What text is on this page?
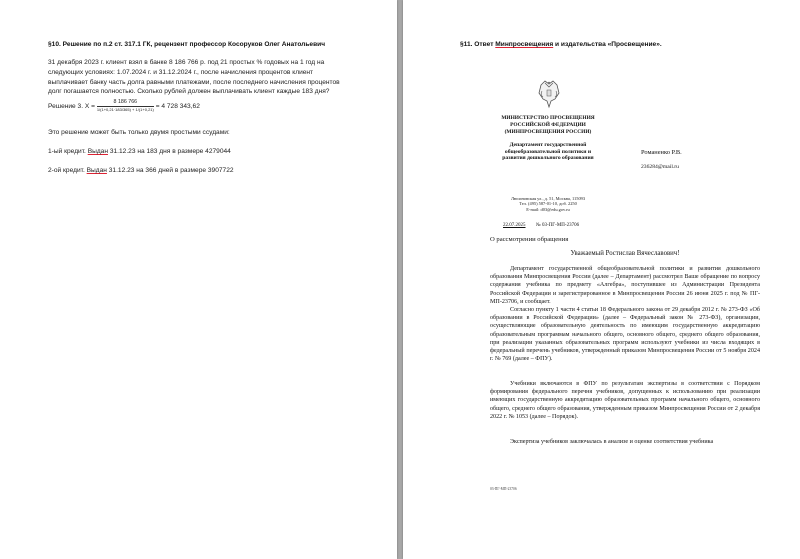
§10. Решение по п.2 ст. 317.1 ГК, рецензент профессор Косоруков Олег Анатольевич
31 декабря 2023 г. клиент взял в банке 8 186 766 р. под 21 простых % годовых на 1 год на
следующих условиях: 1.07.2024 г. и 31.12.2024 г., после начисления процентов клиент
выплачивает банку часть долга равными платежами, после последнего начисления процентов
долг погашается полностью. Сколько рублей должен выплачивать клиент каждые 183 дня?
Решение 3. $X = \frac{8 186 766}{1/(1+0,21\cdot 183/365) + 1/(1+0,21)} = 4$ 728 343,62
Это решение может быть только двумя простыми ссудами:
1-ый кредит. Выдан 31.12.23 на 183 дня в размере 4279044
2-ой кредит. Выдан 31.12.23 на 366 дней в размере 3907722
§11. Ответ Минпросвещения и издательства «Просвещение».
МИНИСТЕРСТВО ПРОСВЕЩЕНИЯ
РОССИЙСКОЙ ФЕДЕРАЦИИ
(МИНПРОСВЕЩЕНИЯ РОССИИ)
Департамент государственной
общеобразовательной политики и
развития дошкольного образования
Люсиновская ул., д. 51, Москва, 115093
Тел. (495) 587-01-10, доб. 2250
E-mail: d03@edu.gov.ru
22.07.2025 № 03-ПГ-МП-23706
Романенко Р.В.
236284@mail.ru
О рассмотрении обращения
Уважаемый Ростислав Вячеславович!
Департамент государственной общеобразовательной политики и развития дошкольного образования Минпросвещения России (далее – Департамент) рассмотрел Ваше обращение по вопросу содержания учебника по предмету «Алгебра», поступившее из Администрации Президента Российской Федерации и зарегистрированное в Минпросвещения России 26 июня 2025 г. под № ПГ-МП-23706, и сообщает.
Согласно пункту 1 части 4 статьи 18 Федерального закона от 29 декабря 2012 г. № 273-ФЗ «Об образовании в Российской Федерации» (далее – Федеральный закон № 273-ФЗ), организации, осуществляющие образовательную деятельность по имеющим государственную аккредитацию образовательным программам начального общего, основного общего, среднего общего образования, при реализации указанных образовательных программ используют учебники из числа входящих в федеральный перечень учебников, утвержденный приказом Минпросвещения России от 5 ноября 2024 г. № 769 (далее – ФПУ).
Учебники включаются в ФПУ по результатам экспертизы в соответствии с Порядком формирования федерального перечня учебников, допущенных к использованию при реализации имеющих государственную аккредитацию образовательных программ начального общего, основного общего, среднего общего образования, утвержденным приказом Минпросвещения России от 2 декабря 2022 г. № 1053 (далее – Порядок).
Экспертиза учебников заключалась в анализе и оценке соответствия учебника
03-ПГ-МП-23706
